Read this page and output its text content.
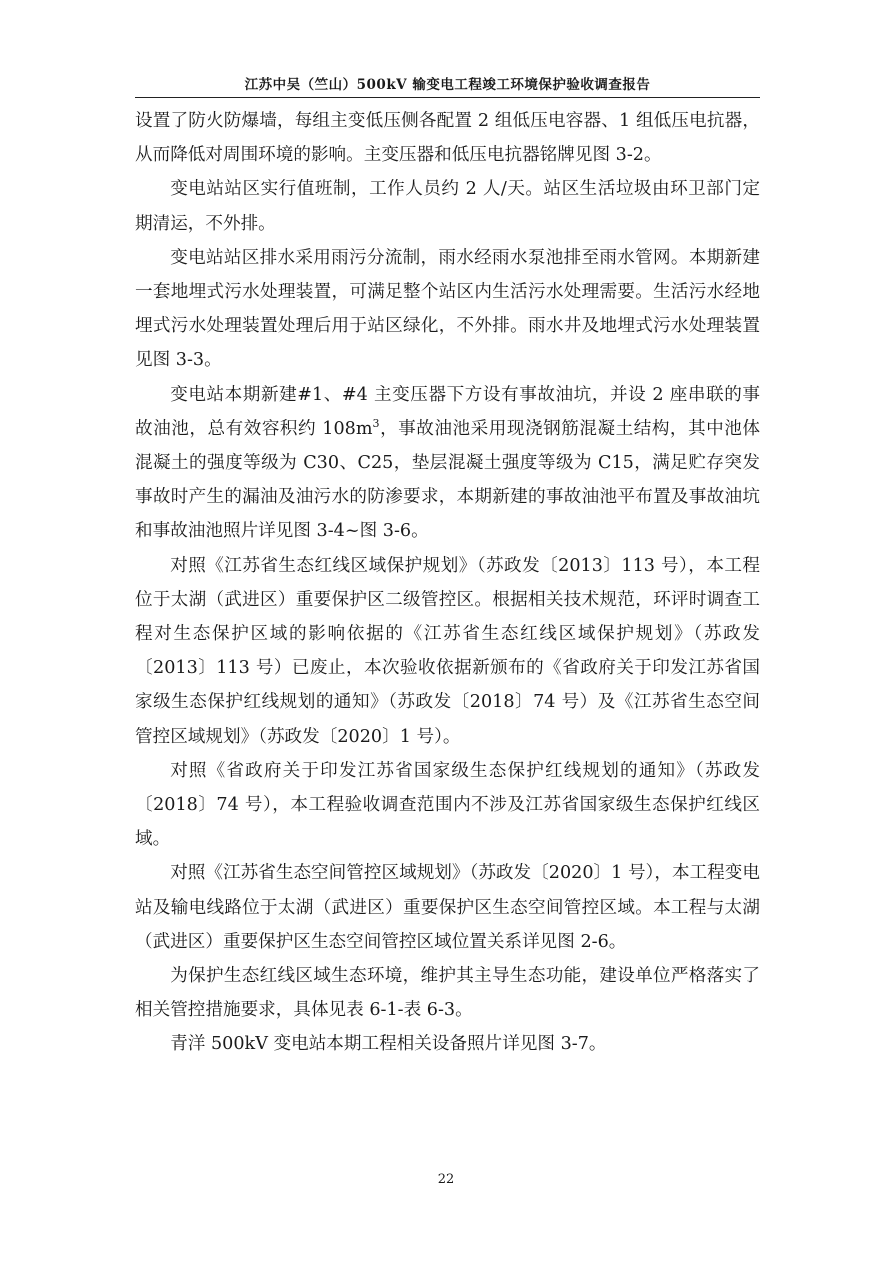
江苏中吴（竺山）500kV 输变电工程竣工环境保护验收调查报告

设置了防火防爆墙，每组主变低压侧各配置 2 组低压电容器、1 组低压电抗器，从而降低对周围环境的影响。主变压器和低压电抗器铭牌见图 3-2。

变电站站区实行值班制，工作人员约 2 人/天。站区生活垃圾由环卫部门定期清运，不外排。

变电站站区排水采用雨污分流制，雨水经雨水泵池排至雨水管网。本期新建一套地埋式污水处理装置，可满足整个站区内生活污水处理需要。生活污水经地埋式污水处理装置处理后用于站区绿化，不外排。雨水井及地埋式污水处理装置见图 3-3。

变电站本期新建#1、#4 主变压器下方设有事故油坑，并设 2 座串联的事故油池，总有效容积约 $108m^3$，事故油池采用现浇钢筋混凝土结构，其中池体混凝土的强度等级为 C30、C25，垫层混凝土强度等级为 C15，满足贮存突发事故时产生的漏油及油污水的防渗要求，本期新建的事故油池平布置及事故油坑和事故油池照片详见图 3-4~图 3-6。

对照《江苏省生态红线区域保护规划》（苏政发〔2013〕113 号），本工程位于太湖（武进区）重要保护区二级管控区。根据相关技术规范，环评时调查工程对生态保护区域的影响依据的《江苏省生态红线区域保护规划》（苏政发〔2013〕113 号）已废止，本次验收依据新颁布的《省政府关于印发江苏省国家级生态保护红线规划的通知》（苏政发〔2018〕74 号）及《江苏省生态空间管控区域规划》（苏政发〔2020〕1 号）。

对照《省政府关于印发江苏省国家级生态保护红线规划的通知》（苏政发〔2018〕74 号），本工程验收调查范围内不涉及江苏省国家级生态保护红线区域。

对照《江苏省生态空间管控区域规划》（苏政发〔2020〕1 号），本工程变电站及输电线路位于太湖（武进区）重要保护区生态空间管控区域。本工程与太湖（武进区）重要保护区生态空间管控区域位置关系详见图 2-6。

为保护生态红线区域生态环境，维护其主导生态功能，建设单位严格落实了相关管控措施要求，具体见表 6-1-表 6-3。

青洋 500kV 变电站本期工程相关设备照片详见图 3-7。

22
